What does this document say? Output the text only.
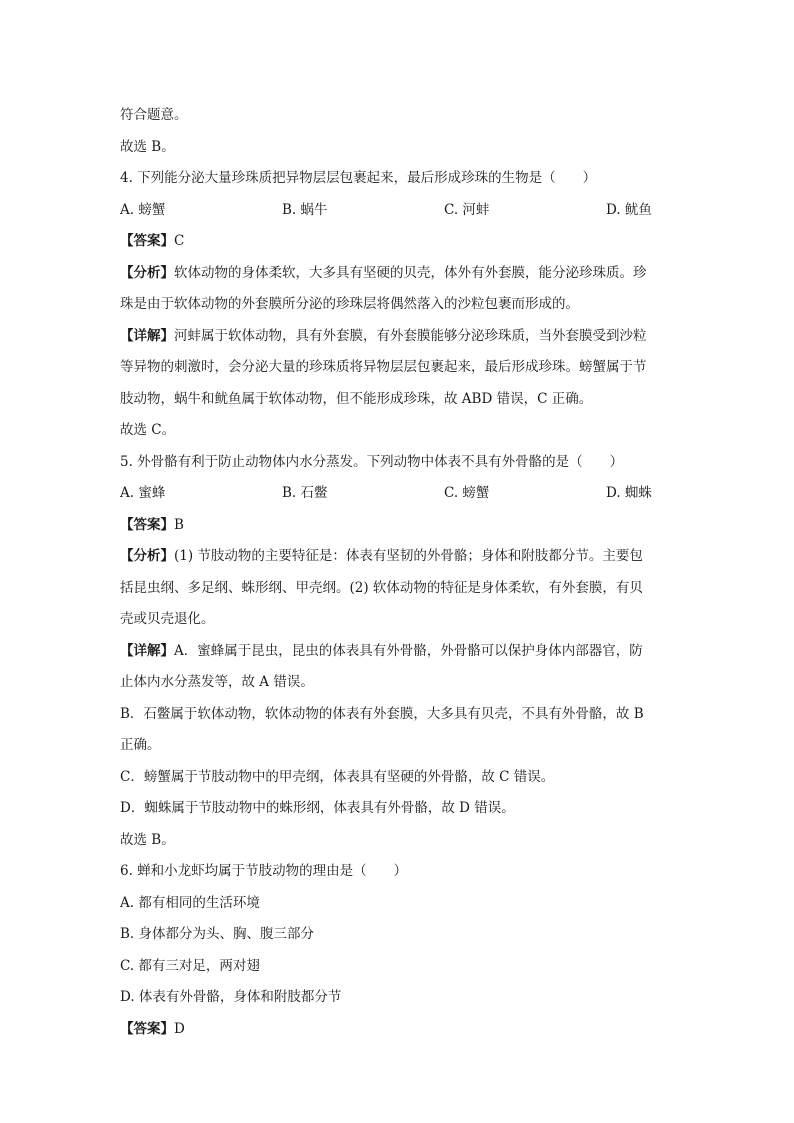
符合题意。
故选 B。
4. 下列能分泌大量珍珠质把异物层层包裹起来，最后形成珍珠的生物是（　　）
A. 螃蟹	B. 蜗牛	C. 河蚌	D. 鱿鱼
【答案】C
【分析】软体动物的身体柔软，大多具有坚硬的贝壳，体外有外套膜，能分泌珍珠质。珍
珠是由于软体动物的外套膜所分泌的珍珠层将偶然落入的沙粒包裹而形成的。
【详解】河蚌属于软体动物，具有外套膜，有外套膜能够分泌珍珠质，当外套膜受到沙粒
等异物的刺激时，会分泌大量的珍珠质将异物层层包裹起来，最后形成珍珠。螃蟹属于节
肢动物，蜗牛和鱿鱼属于软体动物，但不能形成珍珠，故 ABD 错误，C 正确。
故选 C。
5. 外骨骼有利于防止动物体内水分蒸发。下列动物中体表不具有外骨骼的是（　　）
A. 蜜蜂	B. 石鳖	C. 螃蟹	D. 蜘蛛
【答案】B
【分析】(1) 节肢动物的主要特征是：体表有坚韧的外骨骼；身体和附肢都分节。主要包
括昆虫纲、多足纲、蛛形纲、甲壳纲。(2) 软体动物的特征是身体柔软，有外套膜，有贝
壳或贝壳退化。
【详解】A．蜜蜂属于昆虫，昆虫的体表具有外骨骼，外骨骼可以保护身体内部器官，防
止体内水分蒸发等，故 A 错误。
B．石鳖属于软体动物，软体动物的体表有外套膜，大多具有贝壳，不具有外骨骼，故 B
正确。
C．螃蟹属于节肢动物中的甲壳纲，体表具有坚硬的外骨骼，故 C 错误。
D．蜘蛛属于节肢动物中的蛛形纲，体表具有外骨骼，故 D 错误。
故选 B。
6. 蝉和小龙虾均属于节肢动物的理由是（　　）
A. 都有相同的生活环境
B. 身体都分为头、胸、腹三部分
C. 都有三对足，两对翅
D. 体表有外骨骼，身体和附肢都分节
【答案】D
